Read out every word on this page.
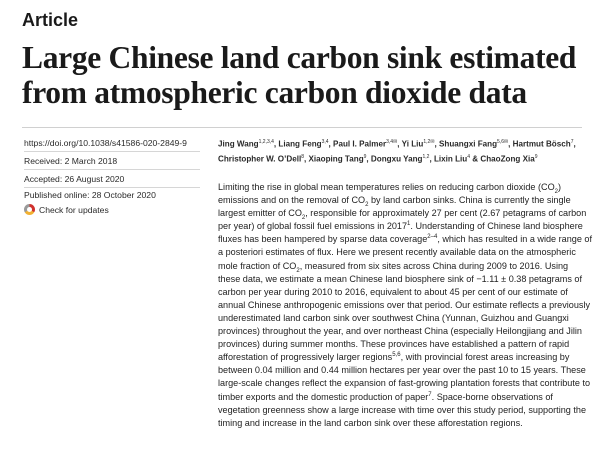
Article
Large Chinese land carbon sink estimated from atmospheric carbon dioxide data
https://doi.org/10.1038/s41586-020-2849-9
Received: 2 March 2018
Accepted: 26 August 2020
Published online: 28 October 2020
Check for updates

Jing Wang$^{1,2,3,4}$, Liang Feng$^{3,4}$, Paul I. Palmer$^{3,4✉}$, Yi Liu$^{1,2✉}$, Shuangxi Fang$^{5,6✉}$, Hartmut Bösch$^7$, Christopher W. O’Dell$^8$, Xiaoping Tang$^9$, Dongxu Yang$^{1,2}$, Lixin Liu$^4$ & ChaoZong Xia$^9$

Limiting the rise in global mean temperatures relies on reducing carbon dioxide $(CO_2)$ emissions and on the removal of $CO_2$ by land carbon sinks. China is currently the single largest emitter of $CO_2$, responsible for approximately 27 per cent (2.67 petagrams of carbon per year) of global fossil fuel emissions in 2017$^1$. Understanding of Chinese land biosphere fluxes has been hampered by sparse data coverage$^{2-4}$, which has resulted in a wide range of a posteriori estimates of flux. Here we present recently available data on the atmospheric mole fraction of $CO_2$, measured from six sites across China during 2009 to 2016. Using these data, we estimate a mean Chinese land biosphere sink of −1.11 ± 0.38 petagrams of carbon per year during 2010 to 2016, equivalent to about 45 per cent of our estimate of annual Chinese anthropogenic emissions over that period. Our estimate reflects a previously underestimated land carbon sink over southwest China (Yunnan, Guizhou and Guangxi provinces) throughout the year, and over northeast China (especially Heilongjiang and Jilin provinces) during summer months. These provinces have established a pattern of rapid afforestation of progressively larger regions$^{5,6}$, with provincial forest areas increasing by between 0.04 million and 0.44 million hectares per year over the past 10 to 15 years. These large-scale changes reflect the expansion of fast-growing plantation forests that contribute to timber exports and the domestic production of paper$^7$. Space-borne observations of vegetation greenness show a large increase with time over this study period, supporting the timing and increase in the land carbon sink over these afforestation regions.
